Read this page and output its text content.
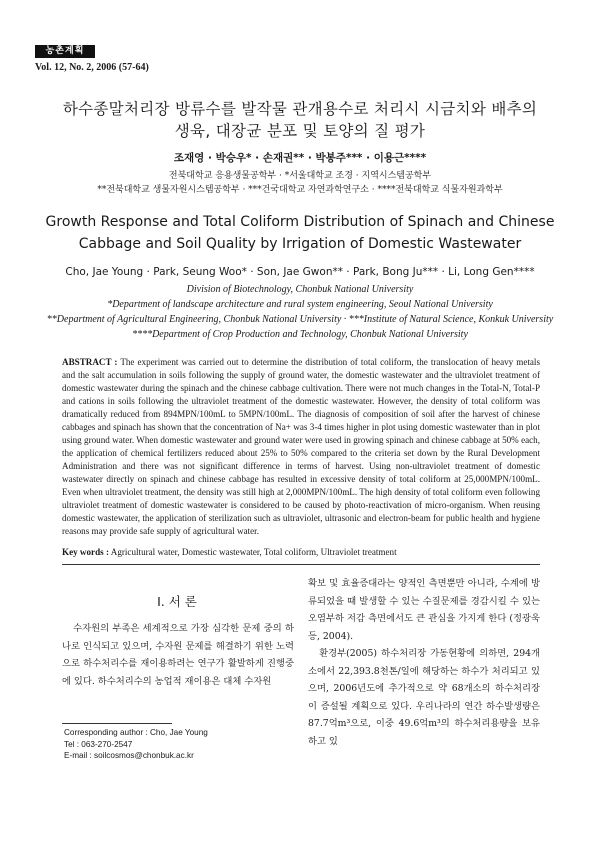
농촌계획
Vol. 12, No. 2, 2006 (57-64)
하수종말처리장 방류수를 발작물 관개용수로 처리시 시금치와 배추의
생육, 대장균 분포 및 토양의 질 평가
조재영 · 박승우* · 손재권** · 박봉주*** · 이용근****
전북대학교 응용생물공학부 · *서울대학교 조경 · 지역시스템공학부
**전북대학교 생물자원시스템공학부 · ***건국대학교 자연과학연구소 · ****전북대학교 식물자원과학부
Growth Response and Total Coliform Distribution of Spinach and Chinese
Cabbage and Soil Quality by Irrigation of Domestic Wastewater
Cho, Jae Young · Park, Seung Woo* · Son, Jae Gwon** · Park, Bong Ju*** · Li, Long Gen****
Division of Biotechnology, Chonbuk National University
*Department of landscape architecture and rural system engineering, Seoul National University
**Department of Agricultural Engineering, Chonbuk National University · ***Institute of Natural Science, Konkuk University
****Department of Crop Production and Technology, Chonbuk National University
ABSTRACT : The experiment was carried out to determine the distribution of total coliform, the translocation of heavy metals and the salt accumulation in soils following the supply of ground water, the domestic wastewater and the ultraviolet treatment of domestic wastewater during the spinach and the chinese cabbage cultivation. There were not much changes in the Total-N, Total-P and cations in soils following the ultraviolet treatment of the domestic wastewater. However, the density of total coliform was dramatically reduced from 894MPN/100mL to 5MPN/100mL. The diagnosis of composition of soil after the harvest of chinese cabbages and spinach has shown that the concentration of Na+ was 3-4 times higher in plot using domestic wastewater than in plot using ground water. When domestic wastewater and ground water were used in growing spinach and chinese cabbage at 50% each, the application of chemical fertilizers reduced about 25% to 50% compared to the criteria set down by the Rural Development Administration and there was not significant difference in terms of harvest. Using non-ultraviolet treatment of domestic wastewater directly on spinach and chinese cabbage has resulted in excessive density of total coliform at 25,000MPN/100mL. Even when ultraviolet treatment, the density was still high at 2,000MPN/100mL. The high density of total coliform even following ultraviolet treatment of domestic wastewater is considered to be caused by photo-reactivation of micro-organism. When reusing domestic wastewater, the application of sterilization such as ultraviolet, ultrasonic and electron-beam for public health and hygiene reasons may provide safe supply of agricultural water.
Key words : Agricultural water, Domestic wastewater, Total coliform, Ultraviolet treatment
I. 서 론

수자원의 부족은 세계적으로 가장 심각한 문제 중의 하나로 인식되고 있으며, 수자원 문제를 해결하기 위한 노력으로 하수처리수를 재이용하려는 연구가 활발하게 진행중에 있다. 하수처리수의 농업적 재이용은 대체 수자원

확보 및 효율증대라는 양적인 측면뿐만 아니라, 수계에 방류되었을 때 발생할 수 있는 수질문제를 경감시킬 수 있는 오염부하 저감 측면에서도 큰 관심을 가지게 한다 (정광욱 등, 2004).

환경부(2005) 하수처리장 가동현황에 의하면, 294개소에서 22,393.8천톤/일에 해당하는 하수가 처리되고 있으며, 2006년도에 추가적으로 약 68개소의 하수처리장이 증설될 계획으로 있다. 우리나라의 연간 하수발생량은 87.7억m³으로, 이중 49.6억m³의 하수처리용량을 보유하고 있

Corresponding author : Cho, Jae Young
Tel : 063-270-2547
E-mail : soilcosmos@chonbuk.ac.kr
